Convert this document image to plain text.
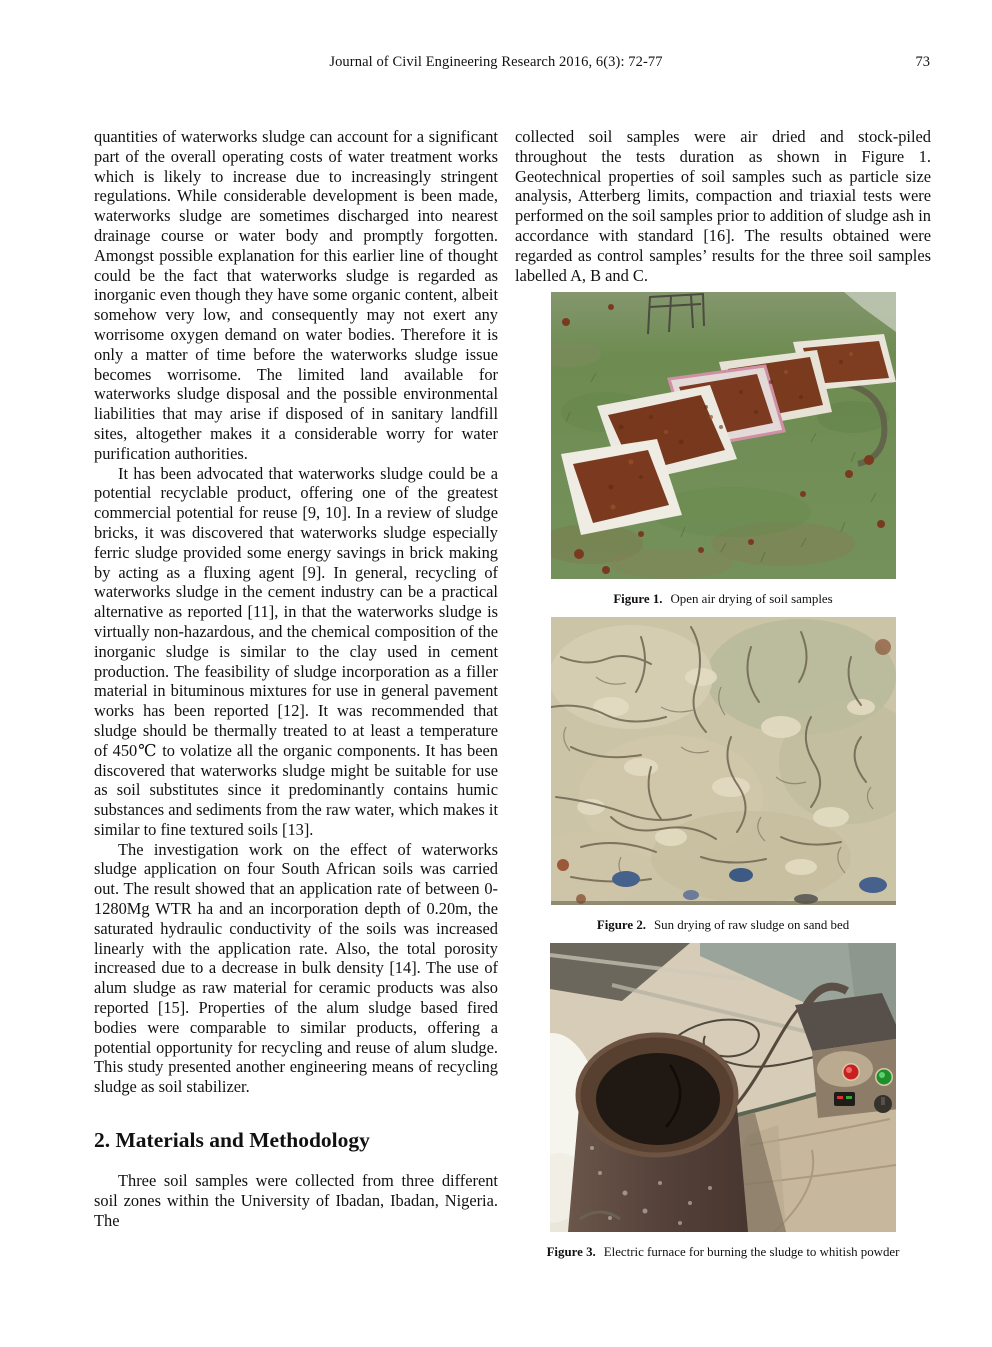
Journal of Civil Engineering Research 2016, 6(3): 72-77	73

quantities of waterworks sludge can account for a significant part of the overall operating costs of water treatment works which is likely to increase due to increasingly stringent regulations. While considerable development is been made, waterworks sludge are sometimes discharged into nearest drainage course or water body and promptly forgotten. Amongst possible explanation for this earlier line of thought could be the fact that waterworks sludge is regarded as inorganic even though they have some organic content, albeit somehow very low, and consequently may not exert any worrisome oxygen demand on water bodies. Therefore it is only a matter of time before the waterworks sludge issue becomes worrisome. The limited land available for waterworks sludge disposal and the possible environmental liabilities that may arise if disposed of in sanitary landfill sites, altogether makes it a considerable worry for water purification authorities.

It has been advocated that waterworks sludge could be a potential recyclable product, offering one of the greatest commercial potential for reuse [9, 10]. In a review of sludge bricks, it was discovered that waterworks sludge especially ferric sludge provided some energy savings in brick making by acting as a fluxing agent [9]. In general, recycling of waterworks sludge in the cement industry can be a practical alternative as reported [11], in that the waterworks sludge is virtually non-hazardous, and the chemical composition of the inorganic sludge is similar to the clay used in cement production. The feasibility of sludge incorporation as a filler material in bituminous mixtures for use in general pavement works has been reported [12]. It was recommended that sludge should be thermally treated to at least a temperature of 450℃ to volatize all the organic components. It has been discovered that waterworks sludge might be suitable for use as soil substitutes since it predominantly contains humic substances and sediments from the raw water, which makes it similar to fine textured soils [13].

The investigation work on the effect of waterworks sludge application on four South African soils was carried out. The result showed that an application rate of between 0-1280Mg WTR ha and an incorporation depth of 0.20m, the saturated hydraulic conductivity of the soils was increased linearly with the application rate. Also, the total porosity increased due to a decrease in bulk density [14]. The use of alum sludge as raw material for ceramic products was also reported [15]. Properties of the alum sludge based fired bodies were comparable to similar products, offering a potential opportunity for recycling and reuse of alum sludge. This study presented another engineering means of recycling sludge as soil stabilizer.

2. Materials and Methodology

Three soil samples were collected from three different soil zones within the University of Ibadan, Ibadan, Nigeria. The

collected soil samples were air dried and stock-piled throughout the tests duration as shown in Figure 1. Geotechnical properties of soil samples such as particle size analysis, Atterberg limits, compaction and triaxial tests were performed on the soil samples prior to addition of sludge ash in accordance with standard [16]. The results obtained were regarded as control samples’ results for the three soil samples labelled A, B and C.

Figure 1. Open air drying of soil samples
Figure 2. Sun drying of raw sludge on sand bed
Figure 3. Electric furnace for burning the sludge to whitish powder
